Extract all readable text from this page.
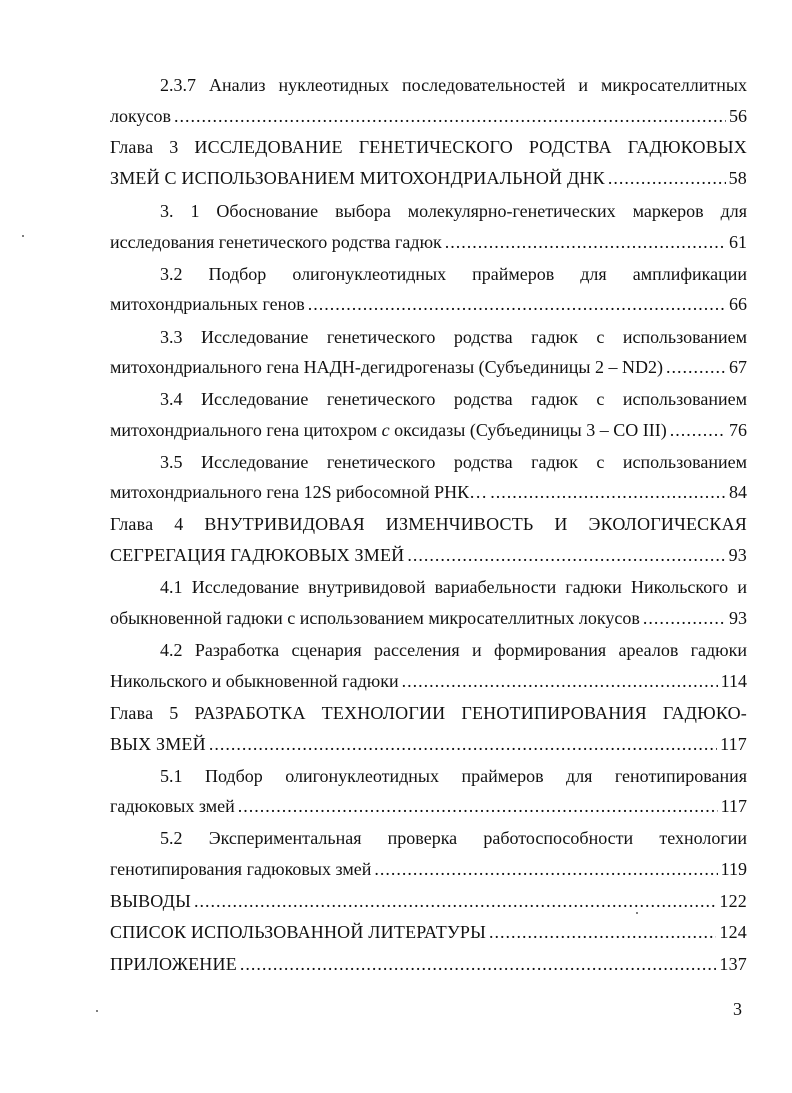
2.3.7 Анализ нуклеотидных последовательностей и микросателлитных
локусов .....	56
Глава 3 ИССЛЕДОВАНИЕ ГЕНЕТИЧЕСКОГО РОДСТВА ГАДЮКОВЫХ
ЗМЕЙ С ИСПОЛЬЗОВАНИЕМ МИТОХОНДРИАЛЬНОЙ ДНК .....	58
3. 1 Обоснование выбора молекулярно-генетических маркеров для
исследования генетического родства гадюк .....	61
3.2 Подбор олигонуклеотидных праймеров для амплификации
митохондриальных генов .....	66
3.3 Исследование генетического родства гадюк с использованием
митохондриального гена НАДН-дегидрогеназы (Субъединицы 2 – ND2) .....	67
3.4 Исследование генетического родства гадюк с использованием
митохондриального гена цитохром c оксидазы (Субъединицы 3 – CO III) .....	76
3.5 Исследование генетического родства гадюк с использованием
митохондриального гена 12S рибосомной РНК… .....	84
Глава 4 ВНУТРИВИДОВАЯ ИЗМЕНЧИВОСТЬ И ЭКОЛОГИЧЕСКАЯ
СЕГРЕГАЦИЯ ГАДЮКОВЫХ ЗМЕЙ .....	93
4.1 Исследование внутривидовой вариабельности гадюки Никольского и
обыкновенной гадюки с использованием микросателлитных локусов .....	93
4.2 Разработка сценария расселения и формирования ареалов гадюки
Никольского и обыкновенной гадюки .....	114
Глава 5 РАЗРАБОТКА ТЕХНОЛОГИИ ГЕНОТИПИРОВАНИЯ ГАДЮКО-
ВЫХ ЗМЕЙ .....	117
5.1 Подбор олигонуклеотидных праймеров для генотипирования
гадюковых змей .....	117
5.2 Экспериментальная проверка работоспособности технологии
генотипирования гадюковых змей .....	119
ВЫВОДЫ .....	122
СПИСОК ИСПОЛЬЗОВАННОЙ ЛИТЕРАТУРЫ .....	124
ПРИЛОЖЕНИЕ .....	137
3
